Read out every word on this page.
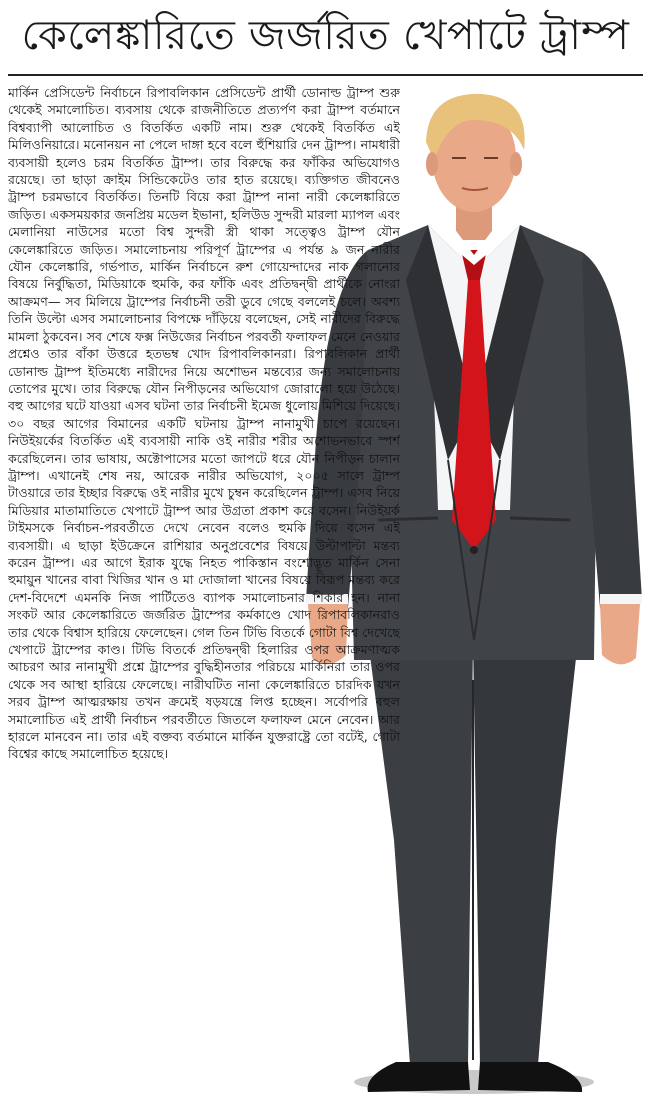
কেলেঙ্কারিতে জর্জরিত খেপাটে ট্রাম্প
মার্কিন প্রেসিডেন্ট নির্বাচনে রিপাবলিকান প্রেসিডেন্ট প্রার্থী ডোনাল্ড ট্রাম্প শুরু থেকেই সমালোচিত। ব্যবসায় থেকে রাজনীতিতে প্রত্যর্পণ করা ট্রাম্প বর্তমানে বিশ্বব্যাপী আলোচিত ও বিতর্কিত একটি নাম। শুরু থেকেই বিতর্কিত এই মিলিওনিয়ারে। মনোনয়ন না পেলে দাঙ্গা হবে বলে হুঁশিয়ারি দেন ট্রাম্প। নামধারী ব্যবসায়ী হলেও চরম বিতর্কিত ট্রাম্প। তার বিরুদ্ধে কর ফাঁকির অভিযোগও রয়েছে। তা ছাড়া ক্রাইম সিন্ডিকেটেও তার হাত রয়েছে। ব্যক্তিগত জীবনেও ট্রাম্প চরমভাবে বিতর্কিত। তিনটি বিয়ে করা ট্রাম্প নানা নারী কেলেঙ্কারিতে জড়িত। একসময়কার জনপ্রিয় মডেল ইভানা, হলিউড সুন্দরী মারলা ম্যাপল এবং মেলানিয়া নাউসের মতো বিশ্ব সুন্দরী স্ত্রী থাকা সত্ত্বেও ট্রাম্প যৌন কেলেঙ্কারিতে জড়িত। সমালোচনায় পরিপূর্ণ ট্রাম্পের এ পর্যন্ত ৯ জন নারীর যৌন কেলেঙ্কারি, গর্ভপাত, মার্কিন নির্বাচনে রুশ গোয়েন্দাদের নাক গলানোর বিষয়ে নির্বুদ্ধিতা, মিডিয়াকে হুমকি, কর ফাঁকি এবং প্রতিদ্বন্দ্বী প্রার্থীকে নোংরা আক্রমণ— সব মিলিয়ে ট্রাম্পের নির্বাচনী তরী ডুবে গেছে বললেই চলে। অবশ্য তিনি উল্টো এসব সমালোচনার বিপক্ষে দাঁড়িয়ে বলেছেন, সেই নারীদের বিরুদ্ধে মামলা ঠুকবেন। সব শেষে ফক্স নিউজের নির্বাচন পরবর্তী ফলাফল মেনে নেওয়ার প্রশ্নেও তার বাঁকা উত্তরে হতভম্ব খোদ রিপাবলিকানরা। রিপাবলিকান প্রার্থী ডোনাল্ড ট্রাম্প ইতিমধ্যে নারীদের নিয়ে অশোভন মন্তব্যের জন্য সমালোচনায় তোপের মুখে। তার বিরুদ্ধে যৌন নিপীড়নের অভিযোগ জোরালো হয়ে উঠেছে। বহু আগের ঘটে যাওয়া এসব ঘটনা তার নির্বাচনী ইমেজ ধুলোয় মিশিয়ে দিয়েছে। ৩০ বছর আগের বিমানের একটি ঘটনায় ট্রাম্প নানামুখী চাপে রয়েছেন। নিউইয়র্কের বিতর্কিত এই ব্যবসায়ী নাকি ওই নারীর শরীর অশোভনভাবে স্পর্শ করেছিলেন। তার ভাষায়, অক্টোপাসের মতো জাপটে ধরে যৌন নিপীড়ন চালান ট্রাম্প। এখানেই শেষ নয়, আরেক নারীর অভিযোগ, ২০০৫ সালে ট্রাম্প টাওয়ারে তার ইচ্ছার বিরুদ্ধে ওই নারীর মুখে চুম্বন করেছিলেন ট্রাম্প। এসব নিয়ে মিডিয়ার মাতামাতিতে খেপাটে ট্রাম্প আর উগ্রতা প্রকাশ করে বসেন। নিউইয়র্ক টাইমসকে নির্বাচন-পরবর্তীতে দেখে নেবেন বলেও হুমকি দিয়ে বসেন এই ব্যবসায়ী। এ ছাড়া ইউক্রেনে রাশিয়ার অনুপ্রবেশের বিষয়ে উল্টাপাল্টা মন্তব্য করেন ট্রাম্প। এর আগে ইরাক যুদ্ধে নিহত পাকিস্তান বংশোদ্ভূত মার্কিন সেনা হুমায়ুন খানের বাবা খিজির খান ও মা দোজালা খানের বিষয়ে বিরূপ মন্তব্য করে দেশ-বিদেশে এমনকি নিজ পার্টিতেও ব্যাপক সমালোচনার শিকার হন। নানা সংকট আর কেলেঙ্কারিতে জর্জরিত ট্রাম্পের কর্মকাণ্ডে খোদ রিপাবলিকানরাও তার থেকে বিশ্বাস হারিয়ে ফেলেছেন। গেল তিন টিভি বিতর্কে গোটা বিশ্ব দেখেছে খেপাটে ট্রাম্পের কাণ্ড। টিভি বিতর্কে প্রতিদ্বন্দ্বী হিলারির ওপর আক্রমণাত্মক আচরণ আর নানামুখী প্রশ্নে ট্রাম্পের বুদ্ধিহীনতার পরিচয়ে মার্কিনিরা তার ওপর থেকে সব আস্থা হারিয়ে ফেলেছে। নারীঘটিত নানা কেলেঙ্কারিতে চারদিক যখন সরব ট্রাম্প আত্মরক্ষায় তখন ক্রমেই ষড়যন্ত্রে লিপ্ত হচ্ছেন। সর্বোপরি বহুল সমালোচিত এই প্রার্থী নির্বাচন পরবর্তীতে জিতলে ফলাফল মেনে নেবেন। আর হারলে মানবেন না। তার এই বক্তব্য বর্তমানে মার্কিন যুক্তরাষ্ট্রে তো বটেই, গোটা বিশ্বের কাছে সমালোচিত হয়েছে।
